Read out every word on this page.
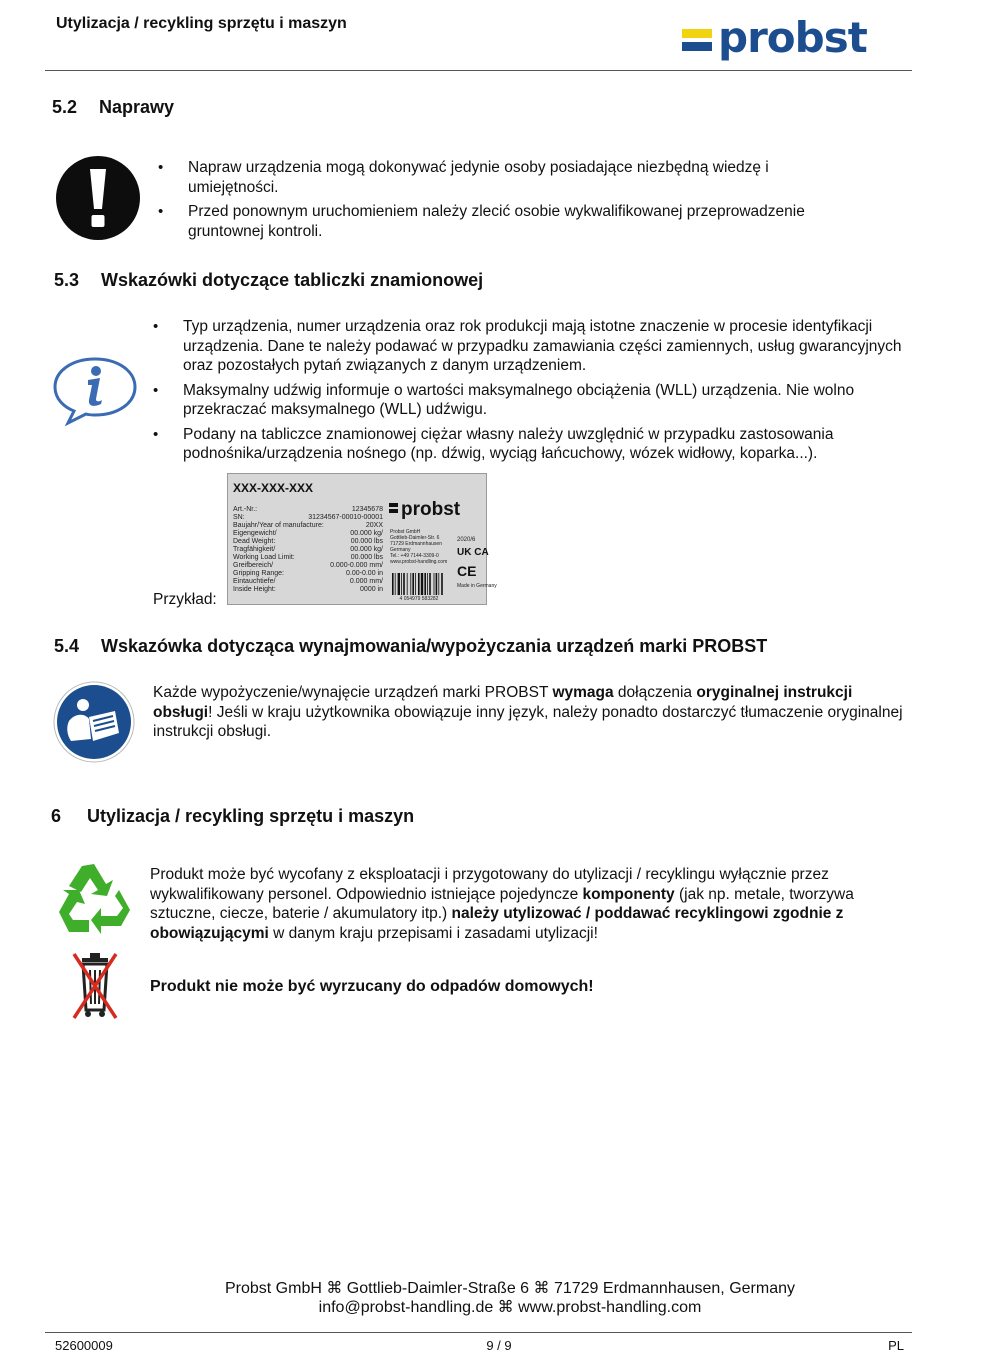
Utylizacja / recykling sprzętu i maszyn	probst
5.2 Naprawy
• Napraw urządzenia mogą dokonywać jedynie osoby posiadające niezbędną wiedzę i umiejętności.
• Przed ponownym uruchomieniem należy zlecić osobie wykwalifikowanej przeprowadzenie gruntownej kontroli.
5.3 Wskazówki dotyczące tabliczki znamionowej
• Typ urządzenia, numer urządzenia oraz rok produkcji mają istotne znaczenie w procesie identyfikacji urządzenia. Dane te należy podawać w przypadku zamawiania części zamiennych, usług gwarancyjnych oraz pozostałych pytań związanych z danym urządzeniem.
• Maksymalny udźwig informuje o wartości maksymalnego obciążenia (WLL) urządzenia. Nie wolno przekraczać maksymalnego (WLL) udźwigu.
• Podany na tabliczce znamionowej ciężar własny należy uwzględnić w przypadku zastosowania podnośnika/urządzenia nośnego (np. dźwig, wyciąg łańcuchowy, wózek widłowy, koparka...).
Przykład:
XXX-XXX-XXX
probst
Art.-Nr.:	12345678
SN:	31234567-00010-00001
Baujahr/Year of manufacture:	20XX
Eigengewicht/	00.000 kg/
Dead Weight:	00.000 lbs
Tragfähigkeit/	00.000 kg/
Working Load Limit:	00.000 lbs
Greifbereich/	0.000-0.000 mm/
Gripping Range:	0.00-0.00 in
Eintauchtiefe/	0.000 mm/
Inside Height:	0000 in
Probst GmbH
Gottlieb-Daimler-Str. 6
71729 Erdmannhausen
Germany
Tel.: +49 7144-3309-0
www.probst-handling.com
2020/6
UK CA
CE
Made in Germany
4 054979 583282
5.4 Wskazówka dotycząca wynajmowania/wypożyczania urządzeń marki PROBST

Każde wypożyczenie/wynajęcie urządzeń marki PROBST wymaga dołączenia oryginalnej instrukcji obsługi! Jeśli w kraju użytkownika obowiązuje inny język, należy ponadto dostarczyć tłumaczenie oryginalnej instrukcji obsługi.

6 Utylizacja / recykling sprzętu i maszyn

Produkt może być wycofany z eksploatacji i przygotowany do utylizacji / recyklingu wyłącznie przez wykwalifikowany personel. Odpowiednio istniejące pojedyncze komponenty (jak np. metale, tworzywa sztuczne, ciecze, baterie / akumulatory itp.) należy utylizować / poddawać recyklingowi zgodnie z obowiązującymi w danym kraju przepisami i zasadami utylizacji!

Produkt nie może być wyrzucany do odpadów domowych!

Probst GmbH ⌘ Gottlieb-Daimler-Straße 6 ⌘ 71729 Erdmannhausen, Germany
info@probst-handling.de ⌘ www.probst-handling.com
52600009	9 / 9	PL
